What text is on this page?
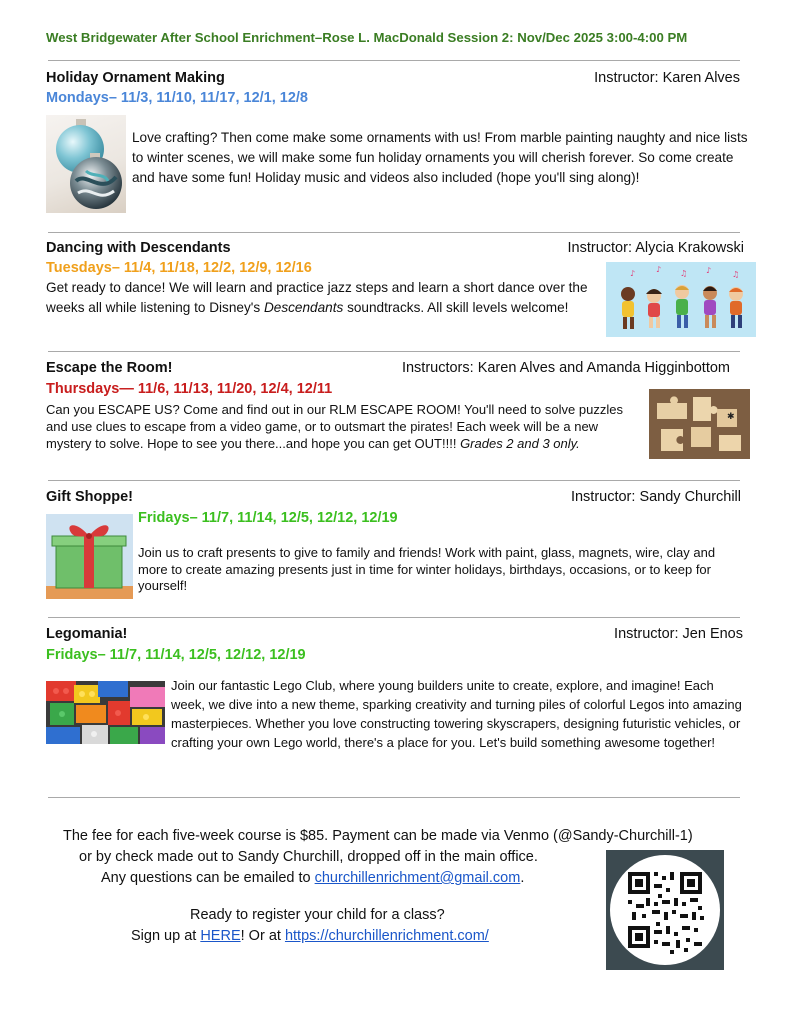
West Bridgewater After School Enrichment–Rose L. MacDonald Session 2: Nov/Dec 2025 3:00-4:00 PM
Holiday Ornament Making	Instructor: Karen Alves
Mondays– 11/3, 11/10, 11/17, 12/1, 12/8
Love crafting? Then come make some ornaments with us! From marble painting naughty and nice lists to winter scenes, we will make some fun holiday ornaments you will cherish forever. So come create and have some fun! Holiday music and videos also included (hope you'll sing along)!
Dancing with Descendants	Instructor: Alycia Krakowski
Tuesdays– 11/4, 11/18, 12/2, 12/9, 12/16
Get ready to dance! We will learn and practice jazz steps and learn a short dance over the weeks all while listening to Disney's Descendants soundtracks. All skill levels welcome!
♪	♪ ♫ ♪	♫
Escape the Room!	Instructors: Karen Alves and Amanda Higginbottom
Thursdays— 11/6, 11/13, 11/20, 12/4, 12/11
Can you ESCAPE US? Come and find out in our RLM ESCAPE ROOM! You'll need to solve puzzles and use clues to escape from a video game, or to outsmart the pirates! Each week will be a new mystery to solve. Hope to see you there...and hope you can get OUT!!!! Grades 2 and 3 only.
✱
Gift Shoppe!	Instructor: Sandy Churchill
Fridays– 11/7, 11/14, 12/5, 12/12, 12/19
Join us to craft presents to give to family and friends! Work with paint, glass, magnets, wire, clay and more to create amazing presents just in time for winter holidays, birthdays, occasions, or to keep for yourself!
Legomania!	Instructor: Jen Enos
Fridays– 11/7, 11/14, 12/5, 12/12, 12/19
Join our fantastic Lego Club, where young builders unite to create, explore, and imagine! Each week, we dive into a new theme, sparking creativity and turning piles of colorful Legos into amazing masterpieces. Whether you love constructing towering skyscrapers, designing futuristic vehicles, or crafting your own Lego world, there's a place for you. Let's build something awesome together!
The fee for each five-week course is $85. Payment can be made via Venmo (@Sandy-Churchill-1)
or by check made out to Sandy Churchill, dropped off in the main office.
Any questions can be emailed to churchillenrichment@gmail.com.
Ready to register your child for a class?
Sign up at HERE! Or at https://churchillenrichment.com/
